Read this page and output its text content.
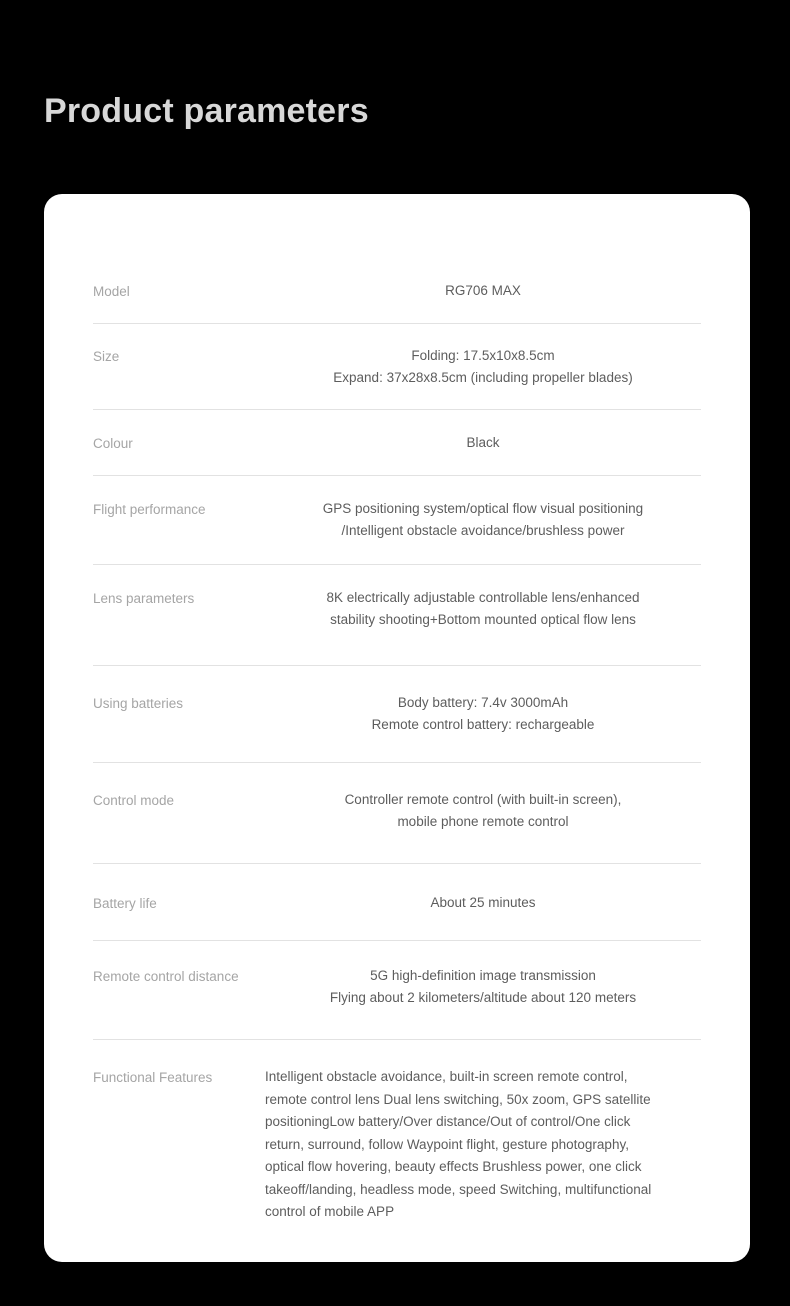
Product parameters
Model	RG706 MAX
Size	Folding: 17.5x10x8.5cm
Expand: 37x28x8.5cm (including propeller blades)
Colour	Black
Flight performance	GPS positioning system/optical flow visual positioning
/Intelligent obstacle avoidance/brushless power
Lens parameters	8K electrically adjustable controllable lens/enhanced
stability shooting+Bottom mounted optical flow lens
Using batteries	Body battery: 7.4v 3000mAh
Remote control battery: rechargeable
Control mode	Controller remote control (with built-in screen),
mobile phone remote control
Battery life	About 25 minutes
Remote control distance	5G high-definition image transmission
Flying about 2 kilometers/altitude about 120 meters
Functional Features	Intelligent obstacle avoidance, built-in screen remote control,
remote control lens Dual lens switching, 50x zoom, GPS satellite
positioningLow battery/Over distance/Out of control/One click
return, surround, follow Waypoint flight, gesture photography,
optical flow hovering, beauty effects Brushless power, one click
takeoff/landing, headless mode, speed Switching, multifunctional
control of mobile APP
